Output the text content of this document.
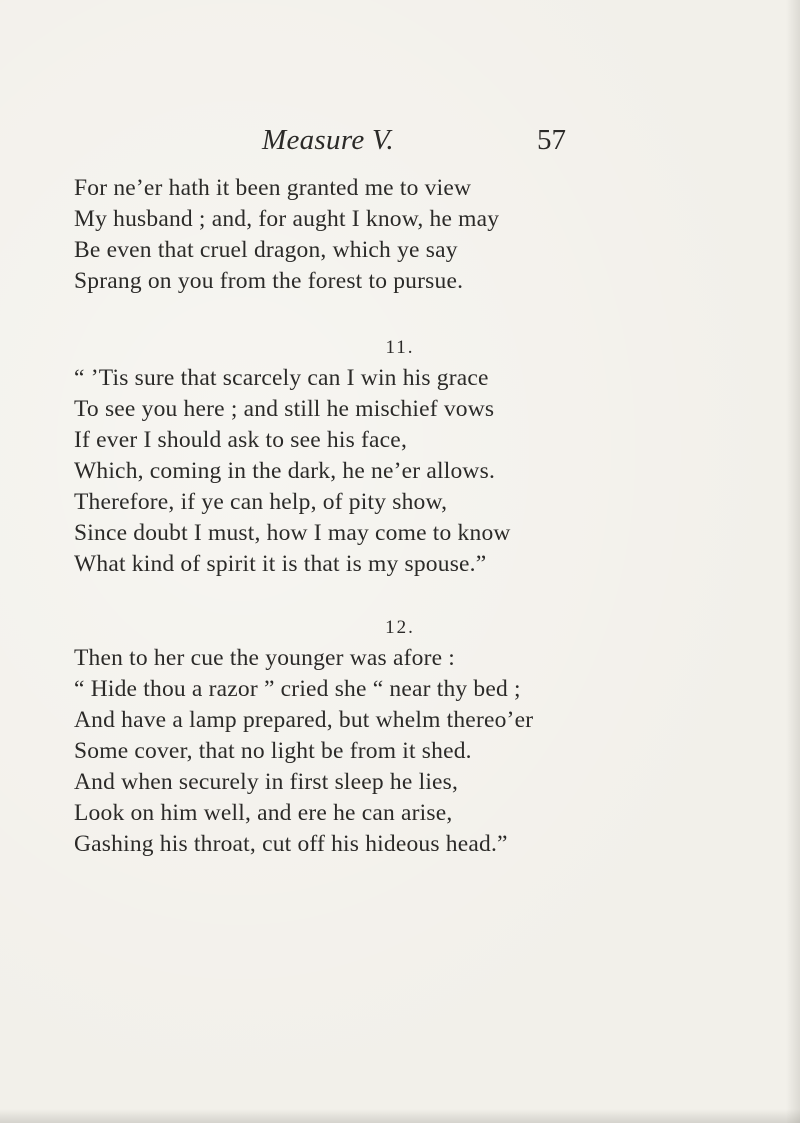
Measure V.	57
For ne’er hath it been granted me to view
My husband ; and, for aught I know, he may
Be even that cruel dragon, which ye say
Sprang on you from the forest to pursue.
11.
“ ’Tis sure that scarcely can I win his grace
To see you here ; and still he mischief vows
If ever I should ask to see his face,
Which, coming in the dark, he ne’er allows.
Therefore, if ye can help, of pity show,
Since doubt I must, how I may come to know
What kind of spirit it is that is my spouse.”
12.
Then to her cue the younger was afore :
“ Hide thou a razor ” cried she “ near thy bed ;
And have a lamp prepared, but whelm thereo’er
Some cover, that no light be from it shed.
And when securely in first sleep he lies,
Look on him well, and ere he can arise,
Gashing his throat, cut off his hideous head.”
